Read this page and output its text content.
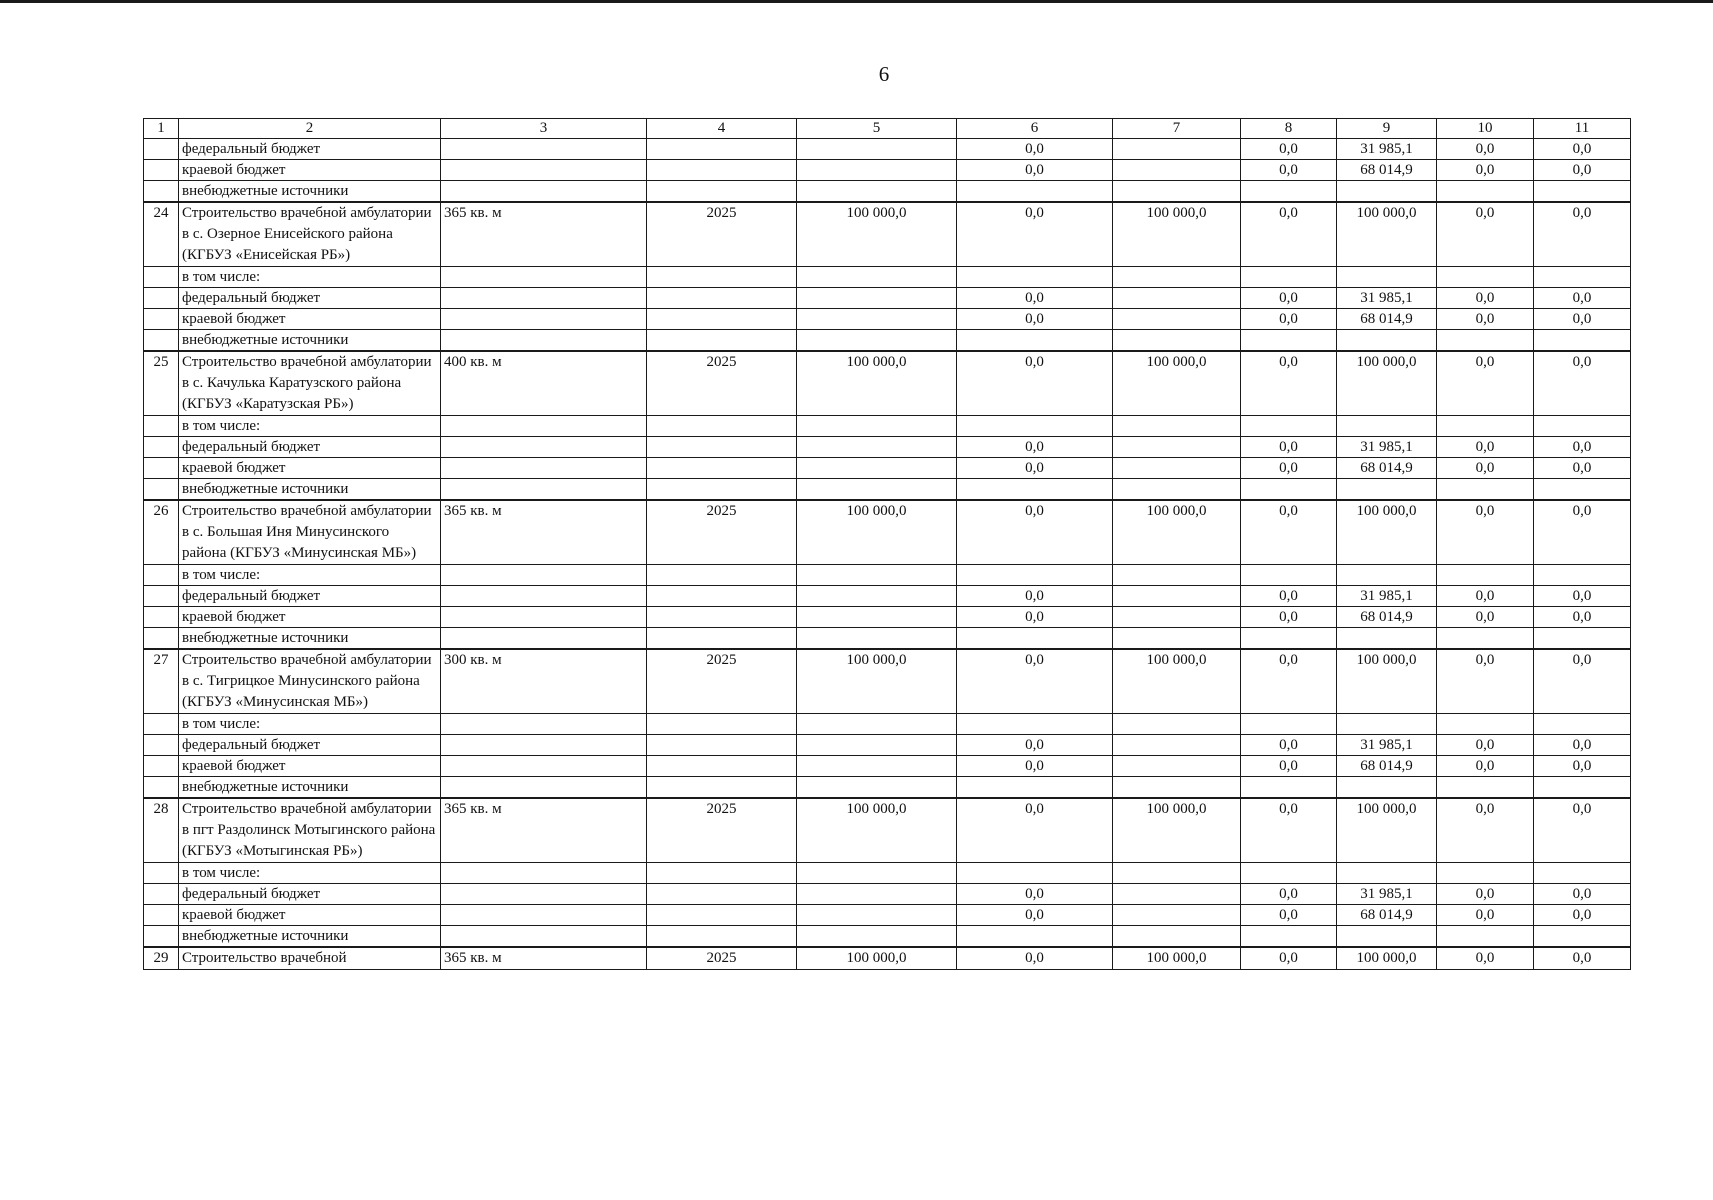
6
1	2	3	4	5	6	7	8	9	10	11
	федеральный бюджет				0,0		0,0	31 985,1	0,0	0,0
	краевой бюджет				0,0		0,0	68 014,9	0,0	0,0
	внебюджетные источники									
24	Строительство врачебной амбулатории в с. Озерное Енисейского района (КГБУЗ «Енисейская РБ»)	365 кв. м	2025	100 000,0	0,0	100 000,0	0,0	100 000,0	0,0	0,0
	в том числе:									
	федеральный бюджет				0,0		0,0	31 985,1	0,0	0,0
	краевой бюджет				0,0		0,0	68 014,9	0,0	0,0
	внебюджетные источники									
25	Строительство врачебной амбулатории в с. Качулька Каратузского района (КГБУЗ «Каратузская РБ»)	400 кв. м	2025	100 000,0	0,0	100 000,0	0,0	100 000,0	0,0	0,0
	в том числе:									
	федеральный бюджет				0,0		0,0	31 985,1	0,0	0,0
	краевой бюджет				0,0		0,0	68 014,9	0,0	0,0
	внебюджетные источники									
26	Строительство врачебной амбулатории в с. Большая Иня Минусинского района (КГБУЗ «Минусинская МБ»)	365 кв. м	2025	100 000,0	0,0	100 000,0	0,0	100 000,0	0,0	0,0
	в том числе:									
	федеральный бюджет				0,0		0,0	31 985,1	0,0	0,0
	краевой бюджет				0,0		0,0	68 014,9	0,0	0,0
	внебюджетные источники									
27	Строительство врачебной амбулатории в с. Тигрицкое Минусинского района (КГБУЗ «Минусинская МБ»)	300 кв. м	2025	100 000,0	0,0	100 000,0	0,0	100 000,0	0,0	0,0
	в том числе:									
	федеральный бюджет				0,0		0,0	31 985,1	0,0	0,0
	краевой бюджет				0,0		0,0	68 014,9	0,0	0,0
	внебюджетные источники									
28	Строительство врачебной амбулатории в пгт Раздолинск Мотыгинского района (КГБУЗ «Мотыгинская РБ»)	365 кв. м	2025	100 000,0	0,0	100 000,0	0,0	100 000,0	0,0	0,0
	в том числе:									
	федеральный бюджет				0,0		0,0	31 985,1	0,0	0,0
	краевой бюджет				0,0		0,0	68 014,9	0,0	0,0
	внебюджетные источники									
29	Строительство врачебной	365 кв. м	2025	100 000,0	0,0	100 000,0	0,0	100 000,0	0,0	0,0
